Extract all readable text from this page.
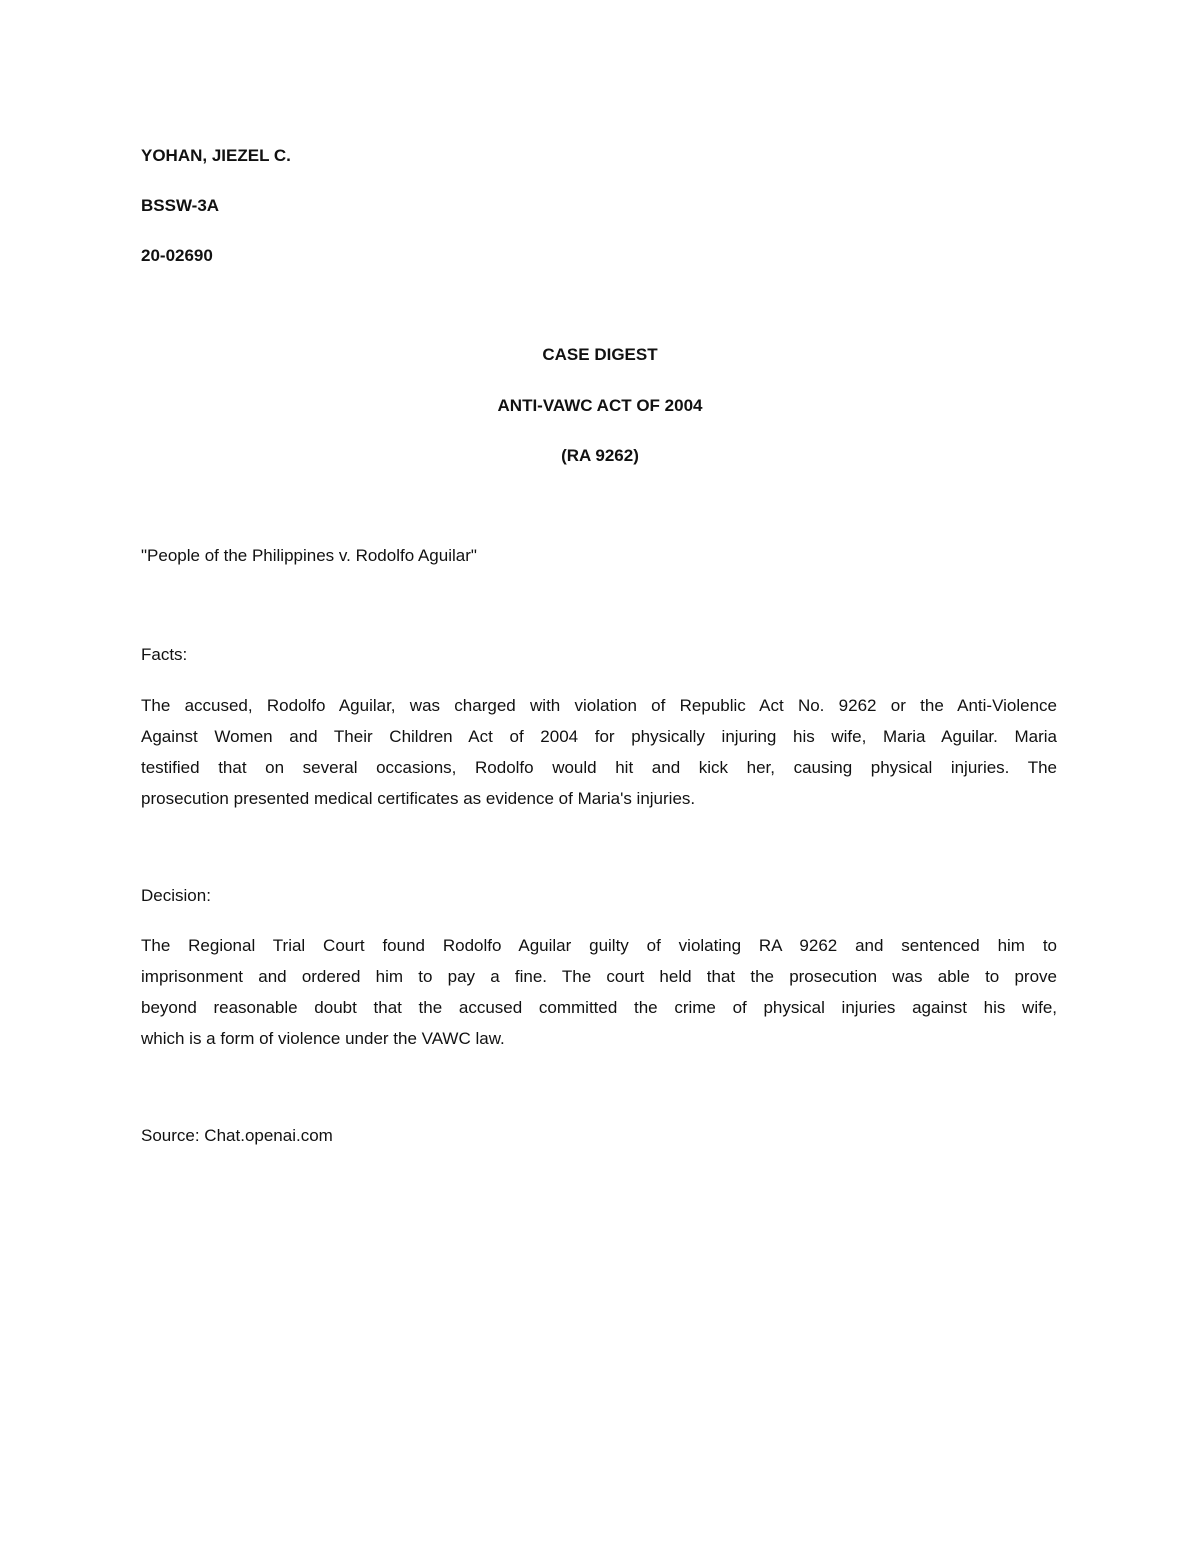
YOHAN, JIEZEL C.
BSSW-3A
20-02690
CASE DIGEST
ANTI-VAWC ACT OF 2004
(RA 9262)
"People of the Philippines v. Rodolfo Aguilar"
Facts:
The accused, Rodolfo Aguilar, was charged with violation of Republic Act No. 9262 or the Anti-Violence
Against Women and Their Children Act of 2004 for physically injuring his wife, Maria Aguilar. Maria
testified that on several occasions, Rodolfo would hit and kick her, causing physical injuries. The
prosecution presented medical certificates as evidence of Maria's injuries.
Decision:
The Regional Trial Court found Rodolfo Aguilar guilty of violating RA 9262 and sentenced him to
imprisonment and ordered him to pay a fine. The court held that the prosecution was able to prove
beyond reasonable doubt that the accused committed the crime of physical injuries against his wife,
which is a form of violence under the VAWC law.
Source: Chat.openai.com
